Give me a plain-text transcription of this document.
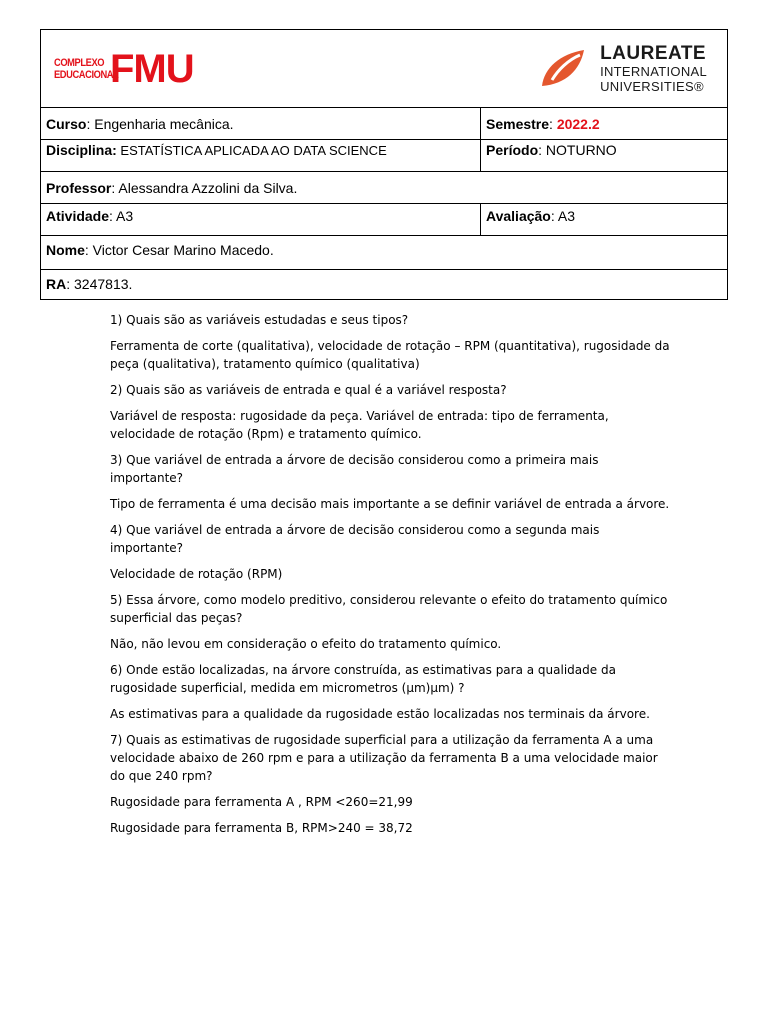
COMPLEXO EDUCACIONAL
FMU LAUREATE
INTERNATIONAL
UNIVERSITIES®	

Curso: Engenharia mecânica.	Semestre: 2022.2

Disciplina: ESTATÍSTICA APLICADA AO DATA SCIENCE	Período: NOTURNO

Professor: Alessandra Azzolini da Silva.	

Atividade: A3	Avaliação: A3

Nome: Victor Cesar Marino Macedo.	

RA: 3247813.	

1) Quais são as variáveis estudadas e seus tipos?

Ferramenta de corte (qualitativa), velocidade de rotação – RPM (quantitativa), rugosidade da peça (qualitativa), tratamento químico (qualitativa)

2) Quais são as variáveis de entrada e qual é a variável resposta?

Variável de resposta: rugosidade da peça. Variável de entrada: tipo de ferramenta, velocidade de rotação (Rpm) e tratamento químico.

3) Que variável de entrada a árvore de decisão considerou como a primeira mais importante?

Tipo de ferramenta é uma decisão mais importante a se definir variável de entrada a árvore.

4) Que variável de entrada a árvore de decisão considerou como a segunda mais importante?

Velocidade de rotação (RPM)

5) Essa árvore, como modelo preditivo, considerou relevante o efeito do tratamento químico superficial das peças?

Não, não levou em consideração o efeito do tratamento químico.

6) Onde estão localizadas, na árvore construída, as estimativas para a qualidade da rugosidade superficial, medida em micrometros (µm)µm) ?

As estimativas para a qualidade da rugosidade estão localizadas nos terminais da árvore.

7) Quais as estimativas de rugosidade superficial para a utilização da ferramenta A a uma velocidade abaixo de 260 rpm e para a utilização da ferramenta B a uma velocidade maior do que 240 rpm?

Rugosidade para ferramenta A , RPM <260=21,99

Rugosidade para ferramenta B, RPM>240 = 38,72
